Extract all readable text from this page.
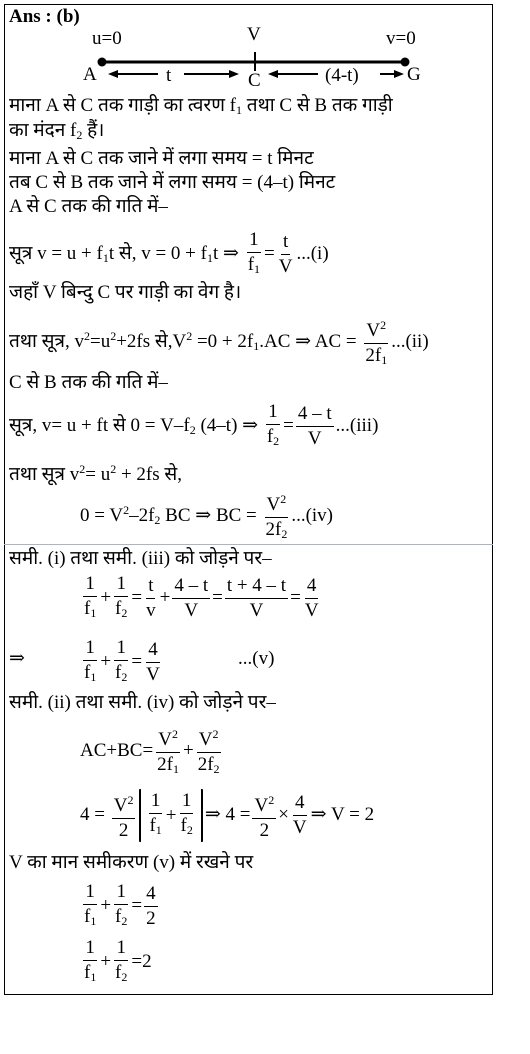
Ans : (b)
u=0	V	v=0
A	C	G
t	(4-t)
माना A से C तक गाड़ी का त्वरण $f_1$ तथा C से B तक गाड़ी
का मंदन $f_2$ हैं।
माना A से C तक जाने में लगा समय = t मिनट
तब C से B तक जाने में लगा समय = (4–t) मिनट
A से C तक की गति में–
सूत्र $v = u + f_1t$ से, $v = 0 + f_1t$ ⇒ $\frac{1}{f_1} = \frac{t}{V} ...(i)$
जहाँ V बिन्दु C पर गाड़ी का वेग है।
तथा सूत्र, $v^2=u^2+2fs$ $से,V^2 =0 + 2f_1.AC$ ⇒ AC = $\frac{V^2}{2f_1} ...(ii)$
C से B तक की गति में–
सूत्र, v= u + ft से $0 = V-f_2$ (4–t) ⇒ $\frac{1}{f_2} = \frac{4 - t}{V} ...(iii)$
तथा सूत्र $v^2= u^2 + 2fs$ से,
$0 = V^2-2f_2$ BC ⇒ BC = $\frac{V^2}{2f_2} ...(iv)$
समी. (i) तथा समी. (iii) को जोड़ने पर–
$\frac{1}{f_1} + \frac{1}{f_2} = \frac{t}{v} + \frac{4 - t}{V} = \frac{t + 4 - t}{V} = \frac{4}{V}$
⇒	$\frac{1}{f_1} + \frac{1}{f_2} = \frac{4}{V}$	...(v)
समी. (ii) तथा समी. (iv) को जोड़ने पर–
$AC+BC= \frac{V^2}{2f_1} + \frac{V^2}{2f_2}$
$4 = \frac{V^2}{2} \frac{1}{f_1} + \frac{1}{f_2}$ ⇒ $4 = \frac{V^2}{2} \times \frac{4}{V}$ ⇒ V = 2
V का मान समीकरण (v) में रखने पर
$\frac{1}{f_1} + \frac{1}{f_2} = \frac{4}{2}$
$\frac{1}{f_1} + \frac{1}{f_2} =2$
